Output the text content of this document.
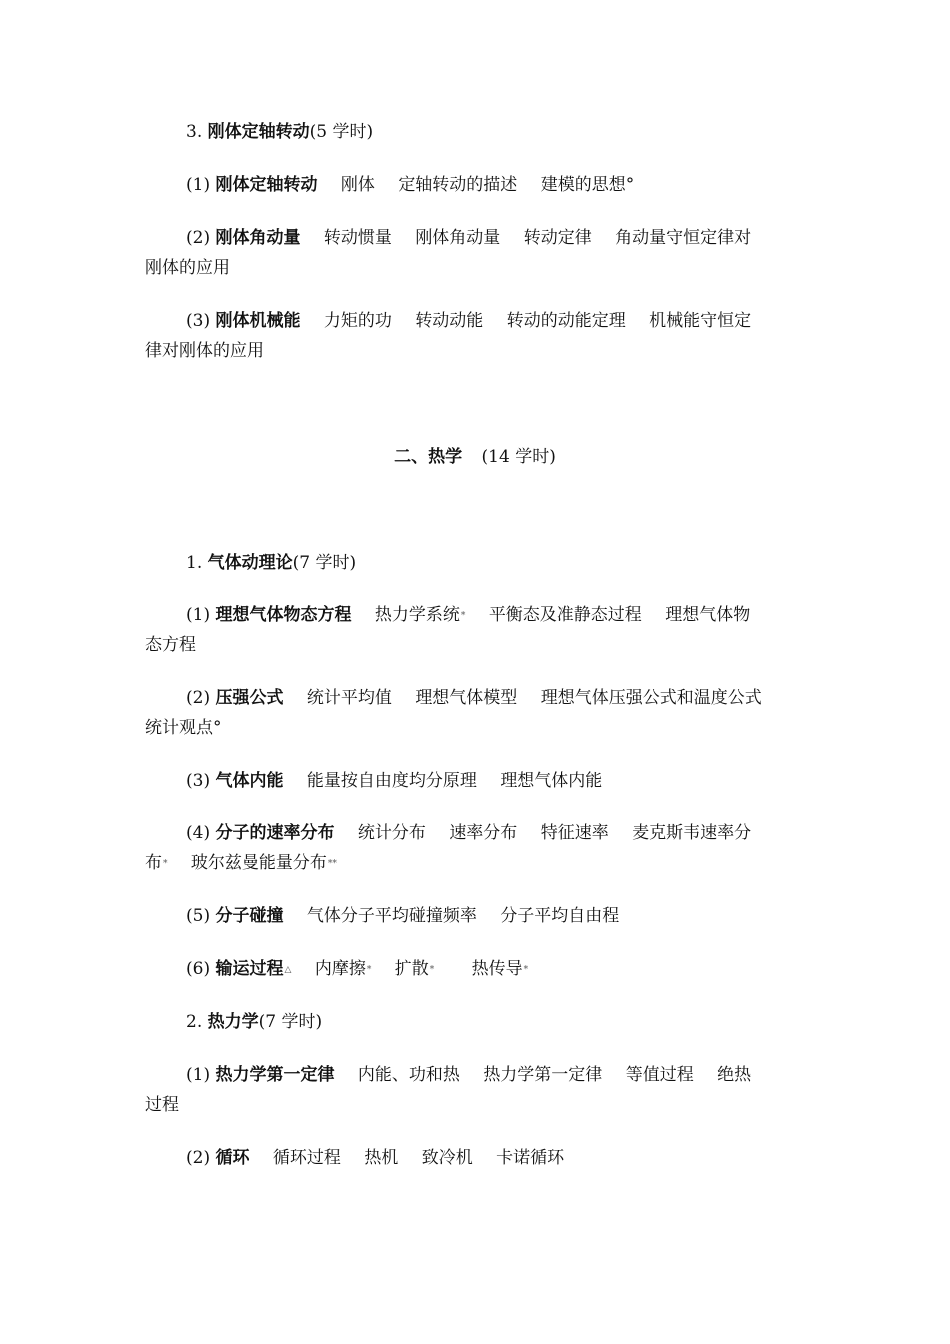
3. 刚体定轴转动(5 学时)
(1) 刚体定轴转动 刚体 定轴转动的描述 建模的思想°
(2) 刚体角动量 转动惯量 刚体角动量 转动定律 角动量守恒定律对
刚体的应用
(3) 刚体机械能 力矩的功 转动动能 转动的动能定理 机械能守恒定
律对刚体的应用
二、热学 (14 学时)
1. 气体动理论(7 学时)
(1) 理想气体物态方程 热力学系统* 平衡态及准静态过程 理想气体物
态方程
(2) 压强公式 统计平均值 理想气体模型 理想气体压强公式和温度公式
统计观点°
(3) 气体内能 能量按自由度均分原理 理想气体内能
(4) 分子的速率分布 统计分布 速率分布 特征速率 麦克斯韦速率分
布* 玻尔兹曼能量分布**
(5) 分子碰撞 气体分子平均碰撞频率 分子平均自由程
(6) 输运过程△ 内摩擦* 扩散* 热传导*
2. 热力学(7 学时)
(1) 热力学第一定律 内能、功和热 热力学第一定律 等值过程 绝热
过程
(2) 循环 循环过程 热机 致冷机 卡诺循环
